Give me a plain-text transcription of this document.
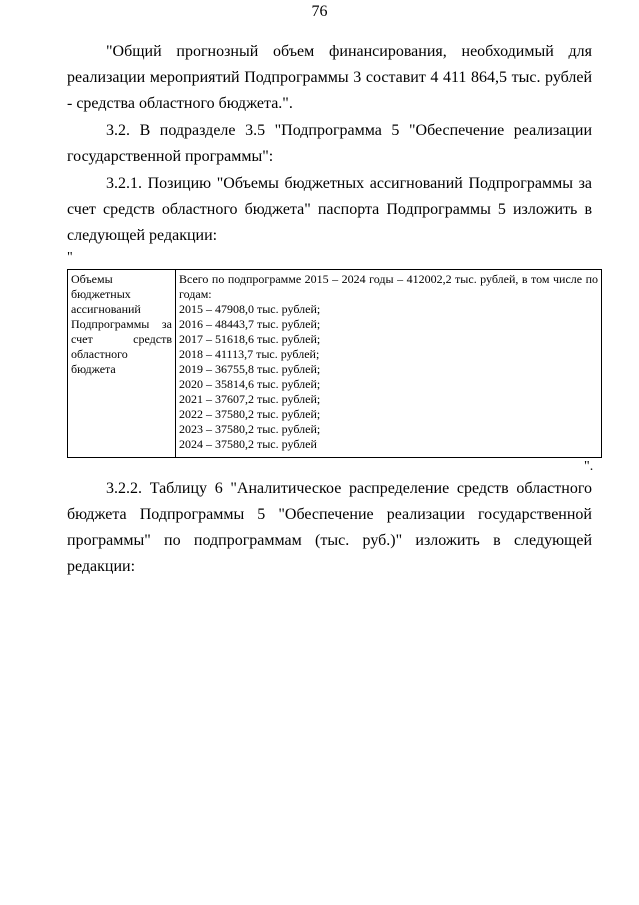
76
"Общий прогнозный объем финансирования, необходимый для реализации мероприятий Подпрограммы 3 составит 4 411 864,5 тыс. рублей - средства областного бюджета.".
3.2. В подразделе 3.5 "Подпрограмма 5 "Обеспечение реализации государственной программы":
3.2.1. Позицию "Объемы бюджетных ассигнований Подпрограммы за счет средств областного бюджета" паспорта Подпрограммы 5 изложить в следующей редакции:
"
Объемы бюджетных ассигнований Подпрограммы за счет средств областного бюджета	
Всего по подпрограмме 2015 – 2024 годы – 412002,2 тыс. рублей, в том числе по годам:
2015 – 47908,0 тыс. рублей;
2016 – 48443,7 тыс. рублей;
2017 – 51618,6 тыс. рублей;
2018 – 41113,7 тыс. рублей;
2019 – 36755,8 тыс. рублей;
2020 – 35814,6 тыс. рублей;
2021 – 37607,2 тыс. рублей;
2022 – 37580,2 тыс. рублей;
2023 – 37580,2 тыс. рублей;
2024 – 37580,2 тыс. рублей
".
3.2.2. Таблицу 6 "Аналитическое распределение средств областного бюджета Подпрограммы 5 "Обеспечение реализации государственной программы" по подпрограммам (тыс. руб.)" изложить в следующей редакции:
